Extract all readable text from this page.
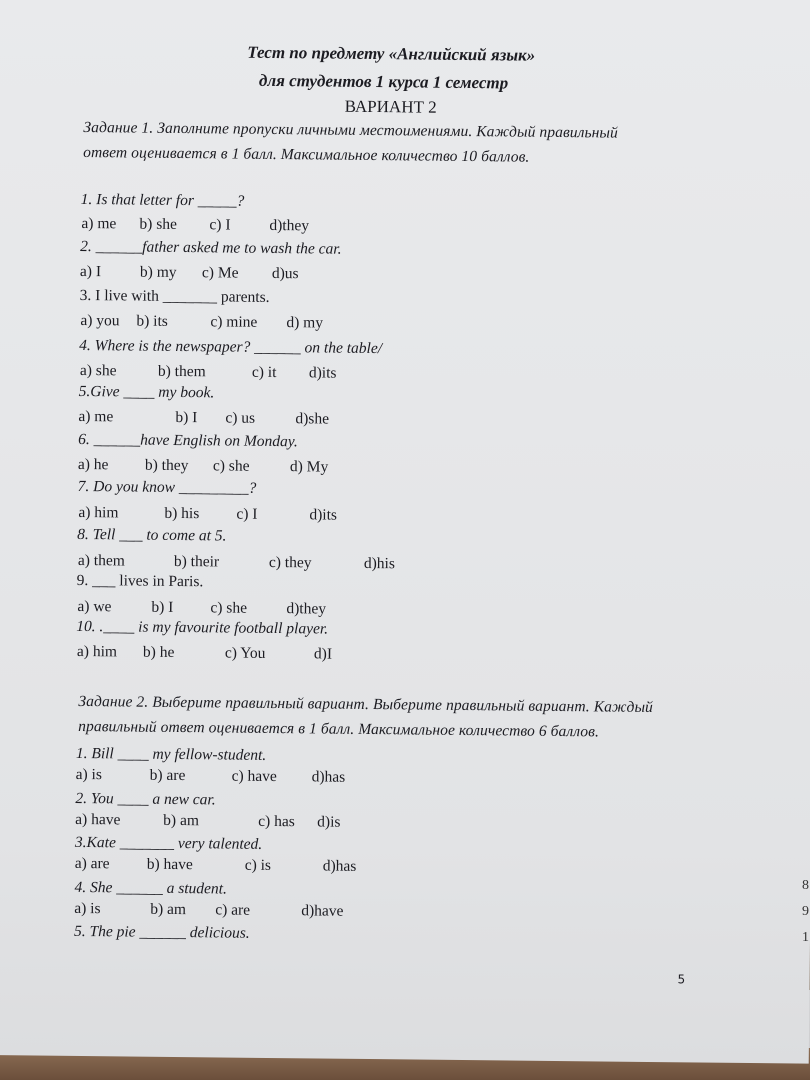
Тест по предмету «Английский язык»
для студентов 1 курса 1 семестр
ВАРИАНТ 2
Задание 1. Заполните пропуски личными местоимениями. Каждый правильный
ответ оценивается в 1 балл. Максимальное количество 10 баллов.
1. Is that letter for _____?
a) me b) she c) I d)they
2. ______father asked me to wash the car.
a) I b) my c) Me d)us
3. I live with _______ parents.
a) you b) its	c) mine d) my
4. Where is the newspaper? ______ on the table/
a) she	b) them	c) it d)its
5.Give ____ my book.
a) me	b) I c) us	d)she
6. ______have English on Monday.
a) he b) they c) she	d) My
7. Do you know _________?
a) him	b) his c) I	d)its
8. Tell ___ to come at 5.
a) them	b) their	c) they	d)his
9. ___ lives in Paris.
a) we	b) I c) she	d)they
10. .____ is my favourite football player.
a) him b) he	c) You	d)I
Задание 2. Выберите правильный вариант. Выберите правильный вариант. Каждый
правильный ответ оценивается в 1 балл. Максимальное количество 6 баллов.
1. Bill ____ my fellow-student.
a) is	b) are	c) have d)has
2. You ____ a new car.
a) have	b) am	c) has d)is
3.Kate _______ very talented.
a) are b) have	c) is	d)has
4. She ______ a student.
a) is	b) am c) are	d)have
5. The pie ______ delicious.
5
8
9
1
